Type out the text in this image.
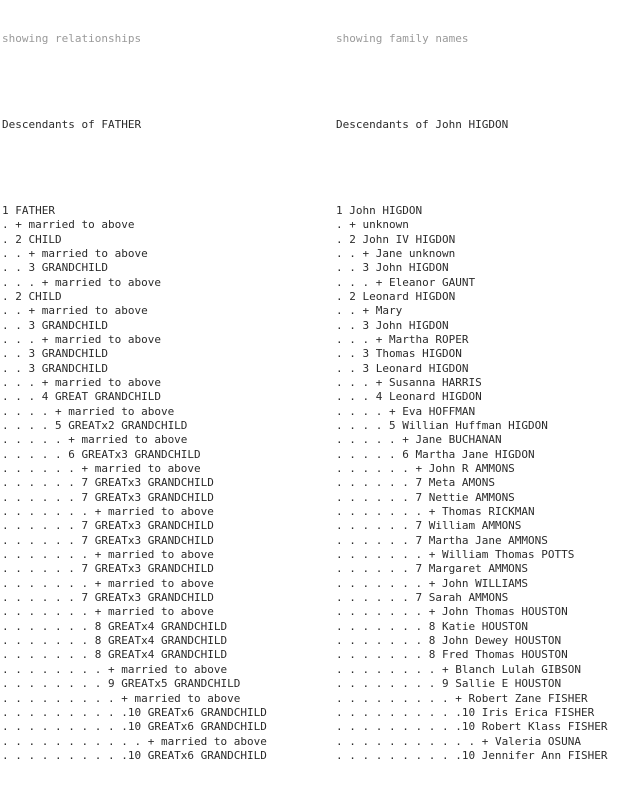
showing relationships

Descendants of FATHER

1 FATHER
. + married to above
. 2 CHILD
. . + married to above
. . 3 GRANDCHILD
. . . + married to above
. 2 CHILD
. . + married to above
. . 3 GRANDCHILD
. . . + married to above
. . 3 GRANDCHILD
. . 3 GRANDCHILD
. . . + married to above
. . . 4 GREAT GRANDCHILD
. . . . + married to above
. . . . 5 GREATx2 GRANDCHILD
. . . . . + married to above
. . . . . 6 GREATx3 GRANDCHILD
. . . . . . + married to above
. . . . . . 7 GREATx3 GRANDCHILD
. . . . . . 7 GREATx3 GRANDCHILD
. . . . . . . + married to above
. . . . . . 7 GREATx3 GRANDCHILD
. . . . . . 7 GREATx3 GRANDCHILD
. . . . . . . + married to above
. . . . . . 7 GREATx3 GRANDCHILD
. . . . . . . + married to above
. . . . . . 7 GREATx3 GRANDCHILD
. . . . . . . + married to above
. . . . . . . 8 GREATx4 GRANDCHILD
. . . . . . . 8 GREATx4 GRANDCHILD
. . . . . . . 8 GREATx4 GRANDCHILD
. . . . . . . . + married to above
. . . . . . . . 9 GREATx5 GRANDCHILD
. . . . . . . . . + married to above
. . . . . . . . . .10 GREATx6 GRANDCHILD
. . . . . . . . . .10 GREATx6 GRANDCHILD
. . . . . . . . . . . + married to above
. . . . . . . . . .10 GREATx6 GRANDCHILD

showing family names

Descendants of John HIGDON

1 John HIGDON
. + unknown
. 2 John IV HIGDON
. . + Jane unknown
. . 3 John HIGDON
. . . + Eleanor GAUNT
. 2 Leonard HIGDON
. . + Mary
. . 3 John HIGDON
. . . + Martha ROPER
. . 3 Thomas HIGDON
. . 3 Leonard HIGDON
. . . + Susanna HARRIS
. . . 4 Leonard HIGDON
. . . . + Eva HOFFMAN
. . . . 5 Willian Huffman HIGDON
. . . . . + Jane BUCHANAN
. . . . . 6 Martha Jane HIGDON
. . . . . . + John R AMMONS
. . . . . . 7 Meta AMONS
. . . . . . 7 Nettie AMMONS
. . . . . . . + Thomas RICKMAN
. . . . . . 7 William AMMONS
. . . . . . 7 Martha Jane AMMONS
. . . . . . . + William Thomas POTTS
. . . . . . 7 Margaret AMMONS
. . . . . . . + John WILLIAMS
. . . . . . 7 Sarah AMMONS
. . . . . . . + John Thomas HOUSTON
. . . . . . . 8 Katie HOUSTON
. . . . . . . 8 John Dewey HOUSTON
. . . . . . . 8 Fred Thomas HOUSTON
. . . . . . . . + Blanch Lulah GIBSON
. . . . . . . . 9 Sallie E HOUSTON
. . . . . . . . . + Robert Zane FISHER
. . . . . . . . . .10 Iris Erica FISHER
. . . . . . . . . .10 Robert Klass FISHER
. . . . . . . . . . . + Valeria OSUNA
. . . . . . . . . .10 Jennifer Ann FISHER
